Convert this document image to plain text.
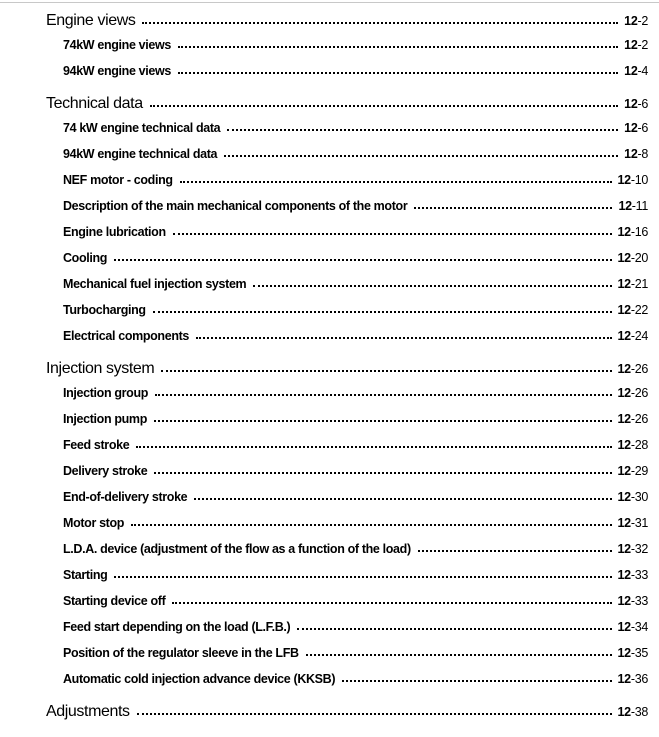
Engine views	12-2
74kW engine views	12-2
94kW engine views	12-4
Technical data	12-6
74 kW engine technical data	12-6
94kW engine technical data	12-8
NEF motor - coding	12-10
Description of the main mechanical components of the motor	12-11
Engine lubrication	12-16
Cooling	12-20
Mechanical fuel injection system	12-21
Turbocharging	12-22
Electrical components	12-24
Injection system	12-26
Injection group	12-26
Injection pump	12-26
Feed stroke	12-28
Delivery stroke	12-29
End-of-delivery stroke	12-30
Motor stop	12-31
L.D.A. device (adjustment of the flow as a function of the load)	12-32
Starting	12-33
Starting device off	12-33
Feed start depending on the load (L.F.B.)	12-34
Position of the regulator sleeve in the LFB	12-35
Automatic cold injection advance device (KKSB)	12-36
Adjustments	12-38
